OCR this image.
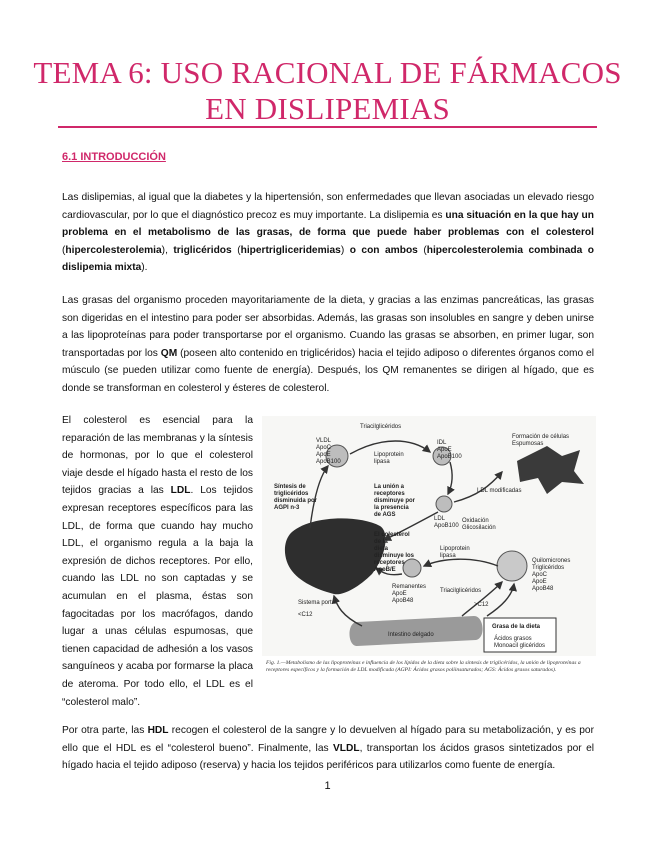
TEMA 6: USO RACIONAL DE FÁRMACOS
EN DISLIPEMIAS
6.1 INTRODUCCIÓN
Las dislipemias, al igual que la diabetes y la hipertensión, son enfermedades que llevan asociadas un elevado riesgo cardiovascular, por lo que el diagnóstico precoz es muy importante. La dislipemia es una situación en la que hay un problema en el metabolismo de las grasas, de forma que puede haber problemas con el colesterol (hipercolesterolemia), triglicéridos (hipertrigliceridemias) o con ambos (hipercolesterolemia combinada o dislipemia mixta).
Las grasas del organismo proceden mayoritariamente de la dieta, y gracias a las enzimas pancreáticas, las grasas son digeridas en el intestino para poder ser absorbidas. Además, las grasas son insolubles en sangre y deben unirse a las lipoproteínas para poder transportarse por el organismo. Cuando las grasas se absorben, en primer lugar, son transportadas por los QM (poseen alto contenido en triglicéridos) hacia el tejido adiposo o diferentes órganos como el músculo (se pueden utilizar como fuente de energía). Después, los QM remanentes se dirigen al hígado, que es donde se transforman en colesterol y ésteres de colesterol.
El colesterol es esencial para la reparación de las membranas y la síntesis de hormonas, por lo que el colesterol viaje desde el hígado hasta el resto de los tejidos gracias a las LDL. Los tejidos expresan receptores específicos para las LDL, de forma que cuando hay mucho LDL, el organismo regula a la baja la expresión de dichos receptores. Por ello, cuando las LDL no son captadas y se acumulan en el plasma, éstas son fagocitadas por los macrófagos, dando lugar a unas células espumosas, que tienen capacidad de adhesión a los vasos sanguíneos y acaba por formarse la placa de ateroma. Por todo ello, el LDL es el “colesterol malo”.
Triacilglicéridos
VLDL ApoC ApoE ApoB100
Lipoprotein lipasa
IDL ApoE ApoB100
Formación de células Espumosas
Síntesis de triglicéridos disminuida por AGPI n-3
La unión a receptores disminuye por la presencia de AGS
LDL ApoB100
LDL modificadas
Oxidación Glicosilación
El colesterol de la dieta disminuye los receptores ApoB/E
Lipoprotein lipasa
Triacilglicéridos
Remanentes ApoE ApoB48
Quilomicrones Triglicéridos ApoC ApoE ApoB48
Sistema portal
<C12
>C12
Intestino delgado
Grasa de la dieta
Ácidos grasos Monoacil glicéridos
Fig. 1.—Metabolismo de las lipoproteínas e influencia de los lípidos de la dieta sobre la síntesis de triglicéridos, la unión de lipoproteínas a receptores específicos y la formación de LDL modificada (AGPI: Ácidos grasos poliinsaturados; AGS: Ácidos grasos saturados).
Por otra parte, las HDL recogen el colesterol de la sangre y lo devuelven al hígado para su metabolización, y es por ello que el HDL es el “colesterol bueno”. Finalmente, las VLDL, transportan los ácidos grasos sintetizados por el hígado hacia el tejido adiposo (reserva) y hacia los tejidos periféricos para utilizarlos como fuente de energía.
1
